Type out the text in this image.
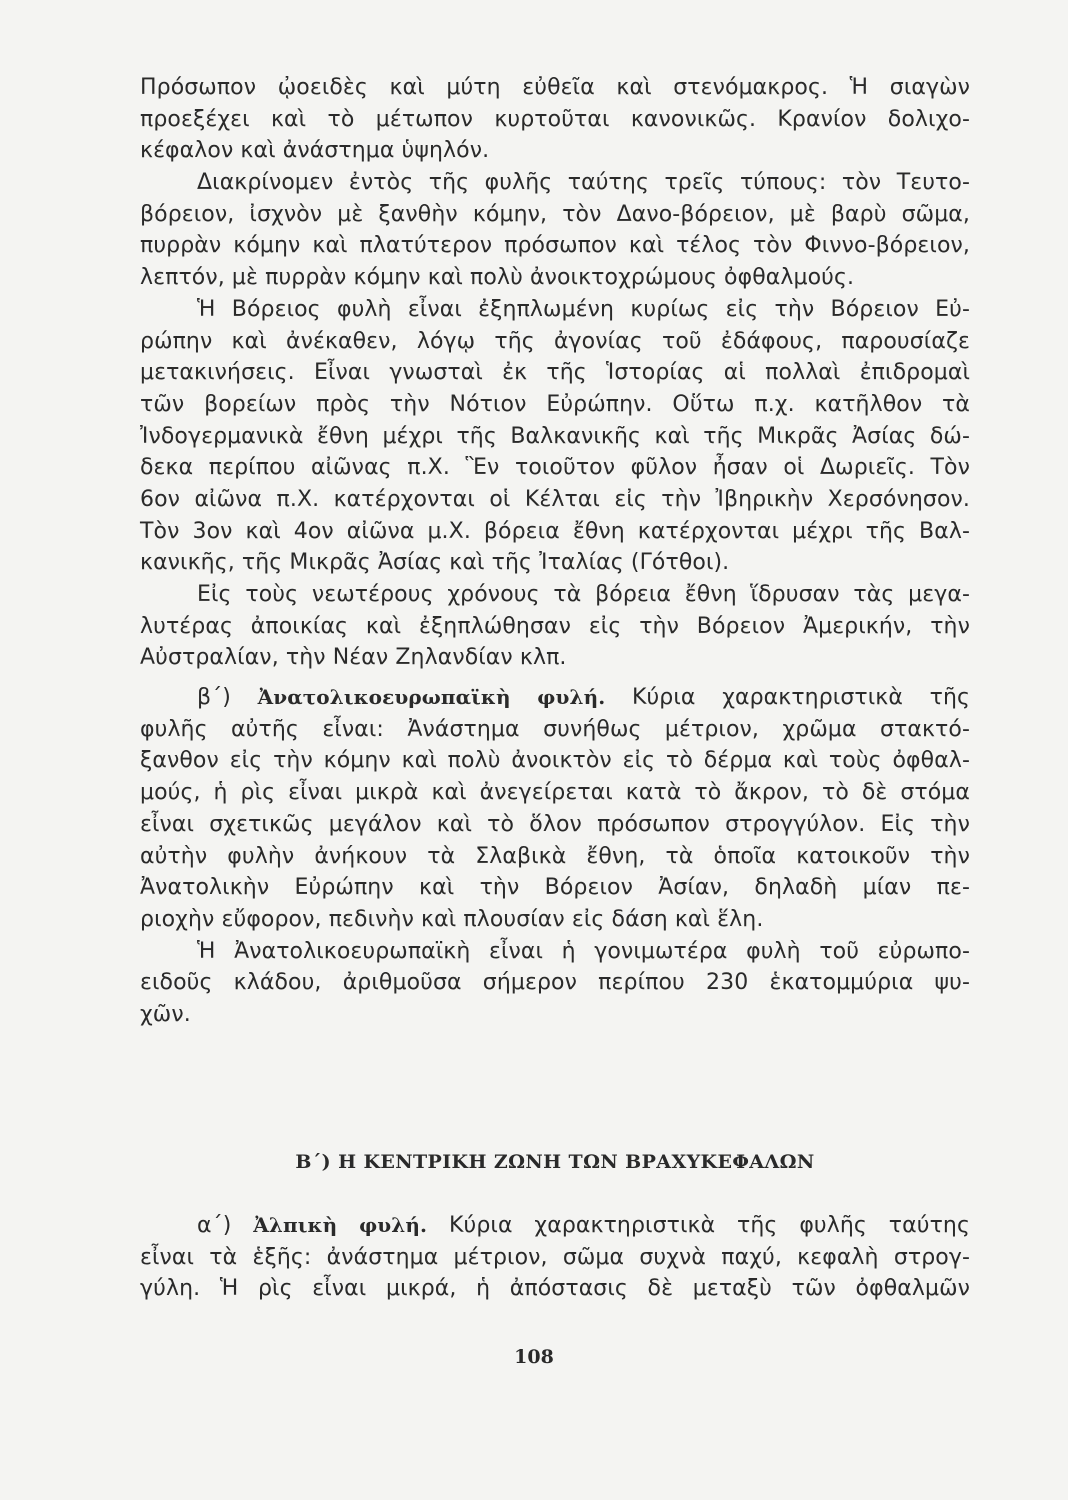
Πρόσωπον ᾠοειδὲς καὶ μύτη εὐθεῖα καὶ στενόμακρος. Ἡ σιαγὼν
προεξέχει καὶ τὸ μέτωπον κυρτοῦται κανονικῶς. Κρανίον δολιχο-
κέφαλον καὶ ἀνάστημα ὑψηλόν.
Διακρίνομεν ἐντὸς τῆς φυλῆς ταύτης τρεῖς τύπους: τὸν Τευτο-
βόρειον, ἰσχνὸν μὲ ξανθὴν κόμην, τὸν Δανο-βόρειον, μὲ βαρὺ σῶμα,
πυρρὰν κόμην καὶ πλατύτερον πρόσωπον καὶ τέλος τὸν Φιννο-βόρειον,
λεπτόν, μὲ πυρρὰν κόμην καὶ πολὺ ἀνοικτοχρώμους ὀφθαλμούς.
Ἡ Βόρειος φυλὴ εἶναι ἐξηπλωμένη κυρίως εἰς τὴν Βόρειον Εὐ-
ρώπην καὶ ἀνέκαθεν, λόγῳ τῆς ἀγονίας τοῦ ἐδάφους, παρουσίαζε
μετακινήσεις. Εἶναι γνωσταὶ ἐκ τῆς Ἱστορίας αἱ πολλαὶ ἐπιδρομαὶ
τῶν βορείων πρὸς τὴν Νότιον Εὐρώπην. Οὕτω π.χ. κατῆλθον τὰ
Ἰνδογερμανικὰ ἔθνη μέχρι τῆς Βαλκανικῆς καὶ τῆς Μικρᾶς Ἀσίας δώ-
δεκα περίπου αἰῶνας π.Χ. Ἓν τοιοῦτον φῦλον ἦσαν οἱ Δωριεῖς. Τὸν
6ον αἰῶνα π.Χ. κατέρχονται οἱ Κέλται εἰς τὴν Ἰβηρικὴν Χερσόνησον.
Τὸν 3ον καὶ 4ον αἰῶνα μ.Χ. βόρεια ἔθνη κατέρχονται μέχρι τῆς Βαλ-
κανικῆς, τῆς Μικρᾶς Ἀσίας καὶ τῆς Ἰταλίας (Γότθοι).
Εἰς τοὺς νεωτέρους χρόνους τὰ βόρεια ἔθνη ἵδρυσαν τὰς μεγα-
λυτέρας ἀποικίας καὶ ἐξηπλώθησαν εἰς τὴν Βόρειον Ἀμερικήν, τὴν
Αὐστραλίαν, τὴν Νέαν Ζηλανδίαν κλπ.
β΄) Ἀνατολικοευρωπαϊκὴ φυλή. Κύρια χαρακτηριστικὰ τῆς
φυλῆς αὐτῆς εἶναι: Ἀνάστημα συνήθως μέτριον, χρῶμα στακτό-
ξανθον εἰς τὴν κόμην καὶ πολὺ ἀνοικτὸν εἰς τὸ δέρμα καὶ τοὺς ὀφθαλ-
μούς, ἡ ρὶς εἶναι μικρὰ καὶ ἀνεγείρεται κατὰ τὸ ἄκρον, τὸ δὲ στόμα
εἶναι σχετικῶς μεγάλον καὶ τὸ ὅλον πρόσωπον στρογγύλον. Εἰς τὴν
αὐτὴν φυλὴν ἀνήκουν τὰ Σλαβικὰ ἔθνη, τὰ ὁποῖα κατοικοῦν τὴν
Ἀνατολικὴν Εὐρώπην καὶ τὴν Βόρειον Ἀσίαν, δηλαδὴ μίαν πε-
ριοχὴν εὔφορον, πεδινὴν καὶ πλουσίαν εἰς δάση καὶ ἕλη.
Ἡ Ἀνατολικοευρωπαϊκὴ εἶναι ἡ γονιμωτέρα φυλὴ τοῦ εὐρωπο-
ειδοῦς κλάδου, ἀριθμοῦσα σήμερον περίπου 230 ἑκατομμύρια ψυ-
χῶν.
Β΄) Η ΚΕΝΤΡΙΚΗ ΖΩΝΗ ΤΩΝ ΒΡΑΧΥΚΕΦΑΛΩΝ
α΄) Ἀλπικὴ φυλή. Κύρια χαρακτηριστικὰ τῆς φυλῆς ταύτης
εἶναι τὰ ἑξῆς: ἀνάστημα μέτριον, σῶμα συχνὰ παχύ, κεφαλὴ στρογ-
γύλη. Ἡ ρὶς εἶναι μικρά, ἡ ἀπόστασις δὲ μεταξὺ τῶν ὀφθαλμῶν
108
